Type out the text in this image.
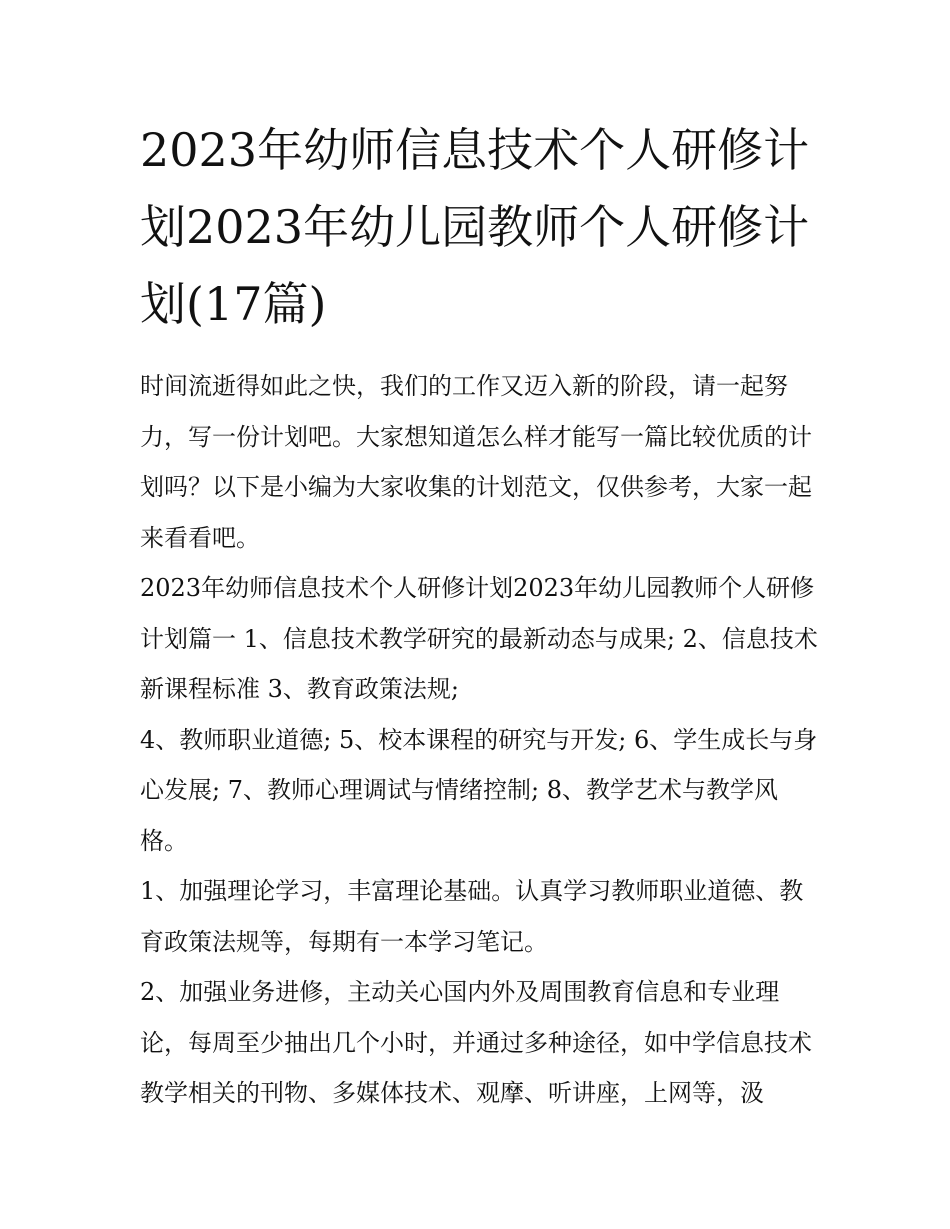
2023年幼师信息技术个人研修计划2023年幼儿园教师个人研修计划(17篇)

时间流逝得如此之快，我们的工作又迈入新的阶段，请一起努力，写一份计划吧。大家想知道怎么样才能写一篇比较优质的计划吗？以下是小编为大家收集的计划范文，仅供参考，大家一起来看看吧。

2023年幼师信息技术个人研修计划2023年幼儿园教师个人研修计划篇一 1、信息技术教学研究的最新动态与成果; 2、信息技术新课程标准 3、教育政策法规;

4、教师职业道德; 5、校本课程的研究与开发; 6、学生成长与身心发展; 7、教师心理调试与情绪控制; 8、教学艺术与教学风格。

1、加强理论学习，丰富理论基础。认真学习教师职业道德、教育政策法规等，每期有一本学习笔记。

2、加强业务进修，主动关心国内外及周围教育信息和专业理论，每周至少抽出几个小时，并通过多种途径，如中学信息技术教学相关的刊物、多媒体技术、观摩、听讲座，上网等，汲
